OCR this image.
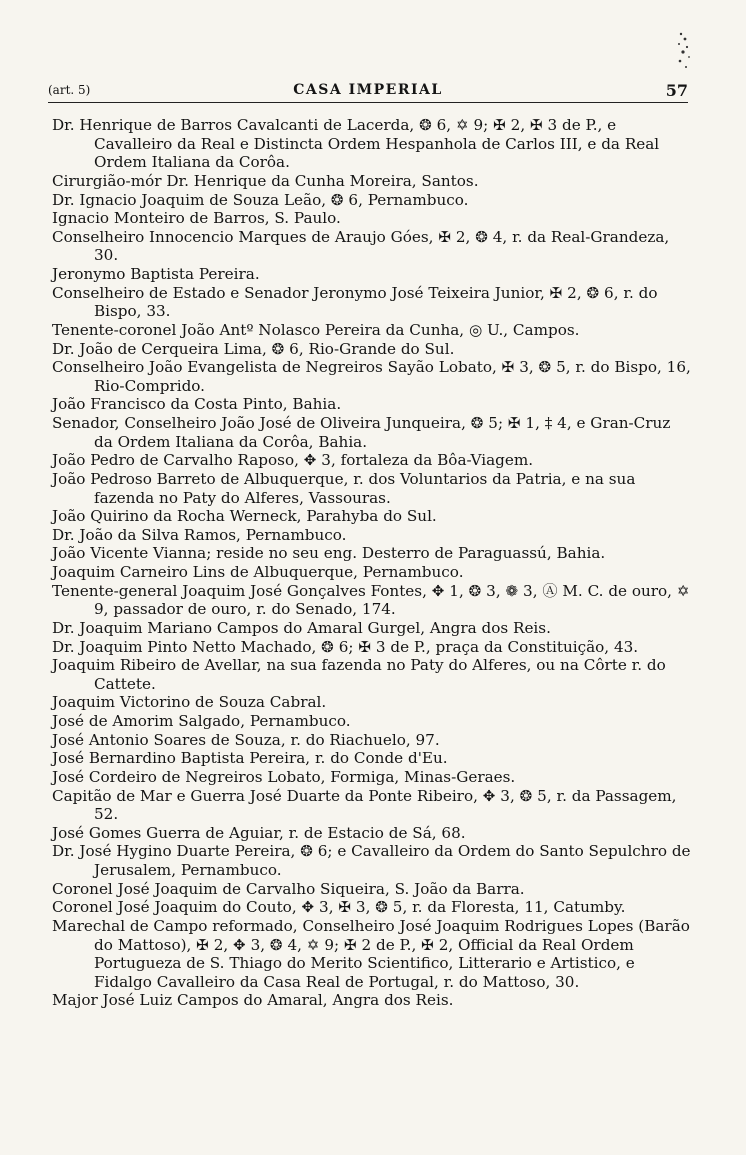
(art. 5)	CASA IMPERIAL	57

Dr. Henrique de Barros Cavalcanti de Lacerda, ❂ 6, ✡ 9; ✠ 2, ✠ 3 de P., e Cavalleiro da Real e Distincta Ordem Hespanhola de Carlos III, e da Real Ordem Italiana da Corôa.

Cirurgião-mór Dr. Henrique da Cunha Moreira, Santos.

Dr. Ignacio Joaquim de Souza Leão, ❂ 6, Pernambuco.

Ignacio Monteiro de Barros, S. Paulo.

Conselheiro Innocencio Marques de Araujo Góes, ✠ 2, ❂ 4, r. da Real-Grandeza, 30.

Jeronymo Baptista Pereira.

Conselheiro de Estado e Senador Jeronymo José Teixeira Junior, ✠ 2, ❂ 6, r. do Bispo, 33.

Tenente-coronel João Antº Nolasco Pereira da Cunha, ◎ U., Campos.

Dr. João de Cerqueira Lima, ❂ 6, Rio-Grande do Sul.

Conselheiro João Evangelista de Negreiros Sayão Lobato, ✠ 3, ❂ 5, r. do Bispo, 16, Rio-Comprido.

João Francisco da Costa Pinto, Bahia.

Senador, Conselheiro João José de Oliveira Junqueira, ❂ 5; ✠ 1, ‡ 4, e Gran-Cruz da Ordem Italiana da Corôa, Bahia.

João Pedro de Carvalho Raposo, ✥ 3, fortaleza da Bôa-Viagem.

João Pedroso Barreto de Albuquerque, r. dos Voluntarios da Patria, e na sua fazenda no Paty do Alferes, Vassouras.

João Quirino da Rocha Werneck, Parahyba do Sul.

Dr. João da Silva Ramos, Pernambuco.

João Vicente Vianna; reside no seu eng. Desterro de Paraguassú, Bahia.

Joaquim Carneiro Lins de Albuquerque, Pernambuco.

Tenente-general Joaquim José Gonçalves Fontes, ✥ 1, ❂ 3, ❁ 3, Ⓐ M. C. de ouro, ✡ 9, passador de ouro, r. do Senado, 174.

Dr. Joaquim Mariano Campos do Amaral Gurgel, Angra dos Reis.

Dr. Joaquim Pinto Netto Machado, ❂ 6; ✠ 3 de P., praça da Constituição, 43.

Joaquim Ribeiro de Avellar, na sua fazenda no Paty do Alferes, ou na Côrte r. do Cattete.

Joaquim Victorino de Souza Cabral.

José de Amorim Salgado, Pernambuco.

José Antonio Soares de Souza, r. do Riachuelo, 97.

José Bernardino Baptista Pereira, r. do Conde d'Eu.

José Cordeiro de Negreiros Lobato, Formiga, Minas-Geraes.

Capitão de Mar e Guerra José Duarte da Ponte Ribeiro, ✥ 3, ❂ 5, r. da Passagem, 52.

José Gomes Guerra de Aguiar, r. de Estacio de Sá, 68.

Dr. José Hygino Duarte Pereira, ❂ 6; e Cavalleiro da Ordem do Santo Sepulchro de Jerusalem, Pernambuco.

Coronel José Joaquim de Carvalho Siqueira, S. João da Barra.

Coronel José Joaquim do Couto, ✥ 3, ✠ 3, ❂ 5, r. da Floresta, 11, Catumby.

Marechal de Campo reformado, Conselheiro José Joaquim Rodrigues Lopes (Barão do Mattoso), ✠ 2, ✥ 3, ❂ 4, ✡ 9; ✠ 2 de P., ✠ 2, Official da Real Ordem Portugueza de S. Thiago do Merito Scientifico, Litterario e Artistico, e Fidalgo Cavalleiro da Casa Real de Portugal, r. do Mattoso, 30.

Major José Luiz Campos do Amaral, Angra dos Reis.
